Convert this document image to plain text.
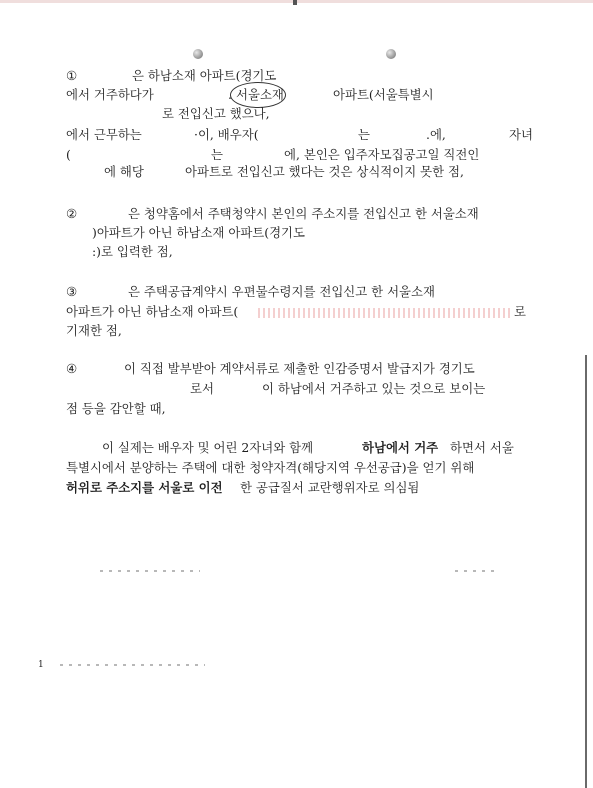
①	은 하남소재 아파트(경기도
에서 거주하다가	. 서울소재	아파트(서울특별시
로 전입신고 했으나,
에서 근무하는	·이, 배우자(	는	.에,	자녀
(	는	에, 본인은 입주자모집공고일 직전인
에 해당	아파트로 전입신고 했다는 것은 상식적이지 못한 점,
②	은 청약홈에서 주택청약시 본인의 주소지를 전입신고 한 서울소재
)아파트가 아닌 하남소재 아파트(경기도
:)로 입력한 점,
③	은 주택공급계약시 우편물수령지를 전입신고 한 서울소재
아파트가 아닌 하남소재 아파트(	로
기재한 점,
④	이 직접 발부받아 계약서류로 제출한 인감증명서 발급지가 경기도
로서	이 하남에서 거주하고 있는 것으로 보이는
점 등을 감안할 때,
이 실제는 배우자 및 어린 2자녀와 함께	하남에서 거주 하면서 서울
특별시에서 분양하는 주택에 대한 청약자격(해당지역 우선공급)을 얻기 위해
허위로 주소지를 서울로 이전 한 공급질서 교란행위자로 의심됨
1
